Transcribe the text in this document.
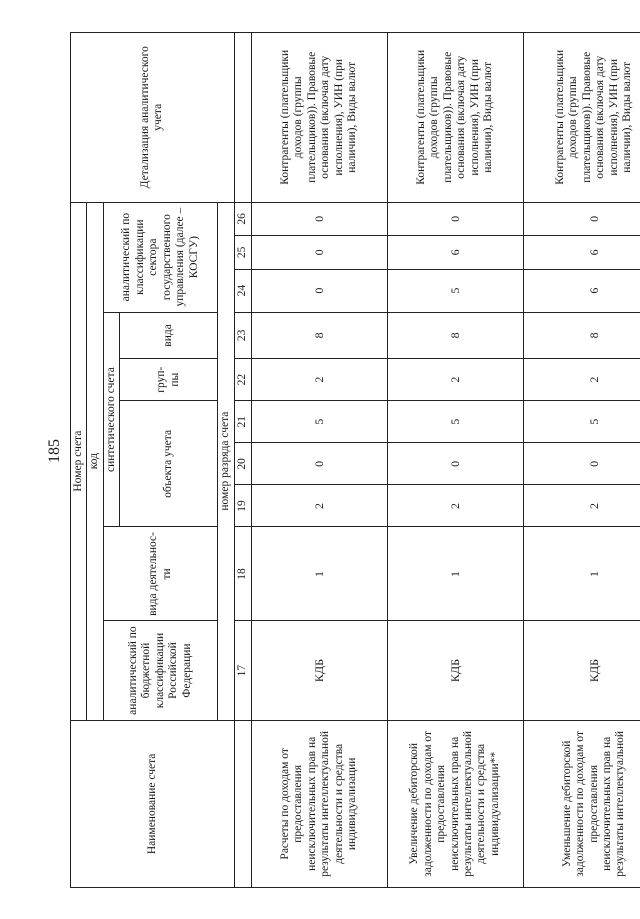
185
Наименование счета	Номер счета										Детализация аналитического учета
	код										
	аналитический по бюджетной классификации Российской Федерации	вида деятельнос-ти	синтетического счета					аналитический по классификации сектора государственного управления (далее – КОСГУ)			
			объекта учета			груп-пы	вида				
	номер разряда счета										
	17	18	19	20	21	22	23	24	25	26	
Расчеты по доходам от предоставления неисключительных прав на результаты интеллектуальной деятельности и средства индивидуализации	КДБ	1	2	0	5	2	8	0	0	0	Контрагенты (плательщики доходов (группы плательщиков)). Правовые основания (включая дату исполнения), УИН (при наличии), Виды валют
Увеличение дебиторской задолженности по доходам от предоставления неисключительных прав на результаты интеллектуальной деятельности и средства индивидуализации**	КДБ	1	2	0	5	2	8	5	6	0	Контрагенты (плательщики доходов (группы плательщиков)). Правовые основания (включая дату исполнения), УИН (при наличии), Виды валют
Уменьшение дебиторской задолженности по доходам от предоставления неисключительных прав на результаты интеллектуальной	КДБ	1	2	0	5	2	8	6	6	0	Контрагенты (плательщики доходов (группы плательщиков)). Правовые основания (включая дату исполнения), УИН (при наличии), Виды валют
